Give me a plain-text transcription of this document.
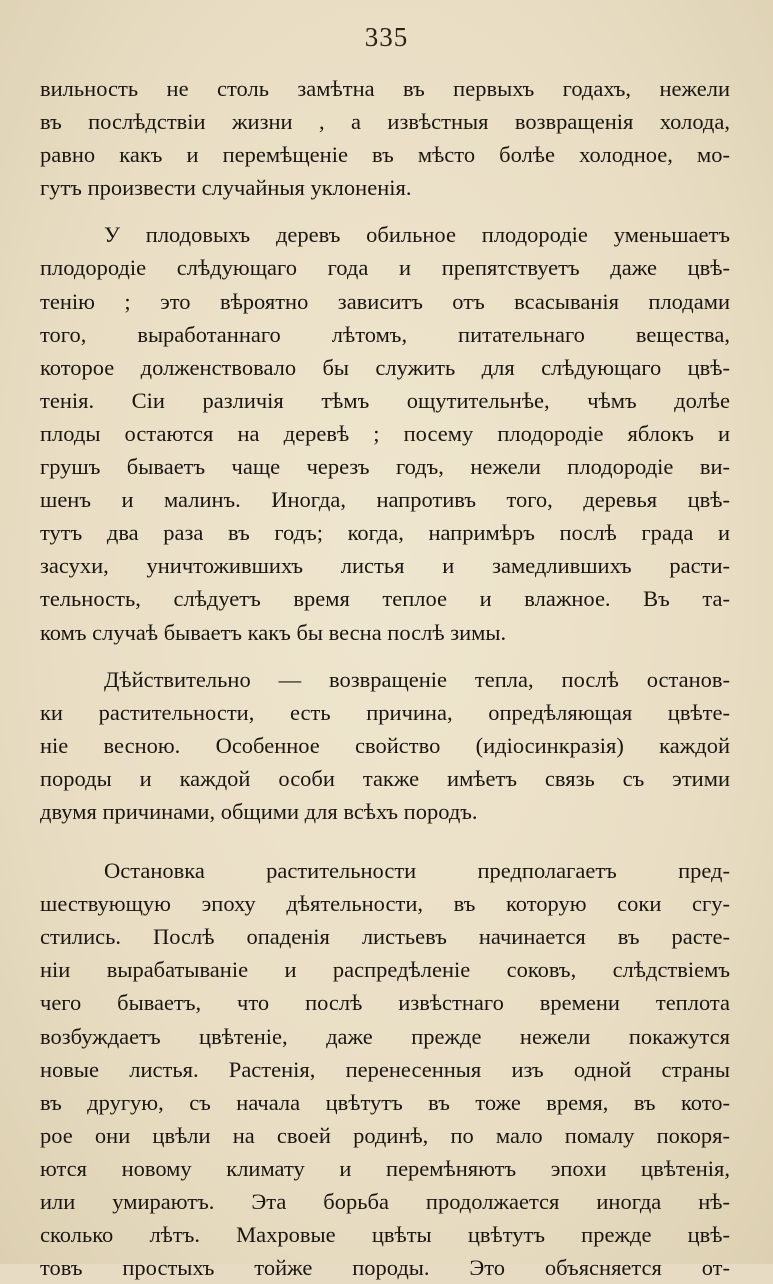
335
вильность не столь замѣтна въ первыхъ годахъ, нежели
въ послѣдствіи жизни , а извѣстныя возвращенія холода,
равно какъ и перемѣщеніе въ мѣсто болѣе холодное, мо-
гутъ произвести случайныя уклоненія.
У плодовыхъ деревъ обильное плодородіе уменьшаетъ
плодородіе слѣдующаго года и препятствуетъ даже цвѣ-
тенію ; это вѣроятно зависитъ отъ всасыванія плодами
того, выработаннаго лѣтомъ, питательнаго вещества,
которое долженствовало бы служить для слѣдующаго цвѣ-
тенія. Сіи различія тѣмъ ощутительнѣе, чѣмъ долѣе
плоды остаются на деревѣ ; посему плодородіе яблокъ и
грушъ бываетъ чаще черезъ годъ, нежели плодородіе ви-
шенъ и малинъ. Иногда, напротивъ того, деревья цвѣ-
тутъ два раза въ годъ; когда, напримѣръ послѣ града и
засухи, уничтожившихъ листья и замедлившихъ расти-
тельность, слѣдуетъ время теплое и влажное. Въ та-
комъ случаѣ бываетъ какъ бы весна послѣ зимы.
Дѣйствительно — возвращеніе тепла, послѣ останов-
ки растительности, есть причина, опредѣляющая цвѣте-
ніе весною. Особенное свойство (идіосинкразія) каждой
породы и каждой особи также имѣетъ связь съ этими
двумя причинами, общими для всѣхъ породъ.
Остановка растительности предполагаетъ пред-
шествующую эпоху дѣятельности, въ которую соки сгу-
стились. Послѣ опаденія листьевъ начинается въ расте-
ніи вырабатываніе и распредѣленіе соковъ, слѣдствіемъ
чего бываетъ, что послѣ извѣстнаго времени теплота
возбуждаетъ цвѣтеніе, даже прежде нежели покажутся
новые листья. Растенія, перенесенныя изъ одной страны
въ другую, съ начала цвѣтутъ въ тоже время, въ кото-
рое они цвѣли на своей родинѣ, по мало помалу покоря-
ются новому климату и перемѣняютъ эпохи цвѣтенія,
или умираютъ. Эта борьба продолжается иногда нѣ-
сколько лѣтъ. Махровые цвѣты цвѣтутъ прежде цвѣ-
товъ простыхъ тойже породы. Это объясняется от-
